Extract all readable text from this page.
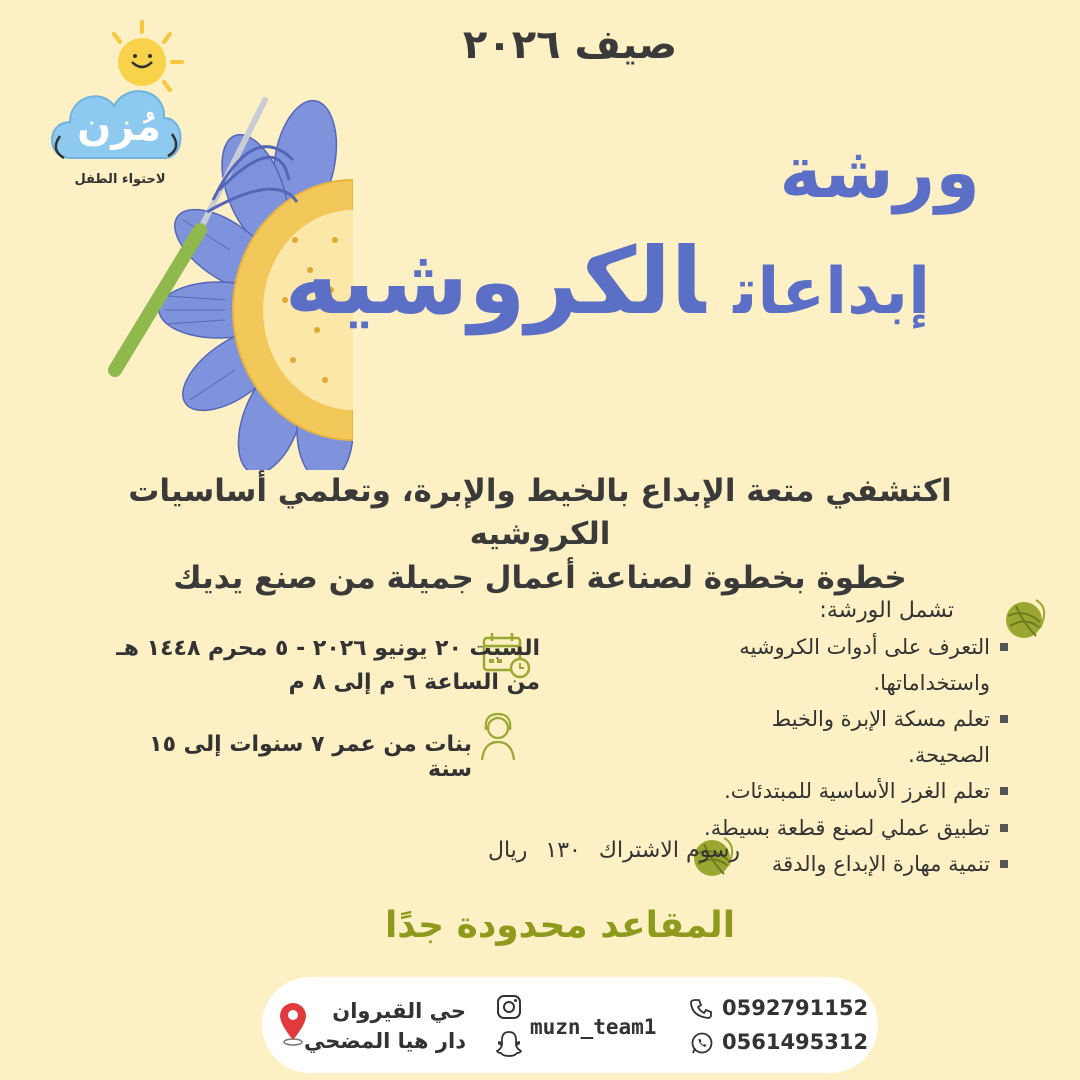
صيف ٢٠٢٦
مُزن
لاحتواء الطفل	ورشة
إبداعاتالكروشيه
اكتشفي متعة الإبداع بالخيط والإبرة، وتعلمي أساسيات الكروشيه
خطوة بخطوة لصناعة أعمال جميلة من صنع يديك
تشمل الورشة:
التعرف على أدوات الكروشيه واستخداماتها.
تعلم مسكة الإبرة والخيط الصحيحة.
تعلم الغرز الأساسية للمبتدئات.
تطبيق عملي لصنع قطعة بسيطة.
تنمية مهارة الإبداع والدقة
السبت ٢٠ يونيو ٢٠٢٦ - ٥ محرم ١٤٤٨ هـ
من الساعة ٦ م إلى ٨ م
بنات من عمر ٧ سنوات إلى ١٥ سنة
رسوم الاشتراك١٣٠ريال
المقاعد محدودة جدًا
0592791152
0561495312
muzn_team1
حي القيروان
دار هيا المضحي
